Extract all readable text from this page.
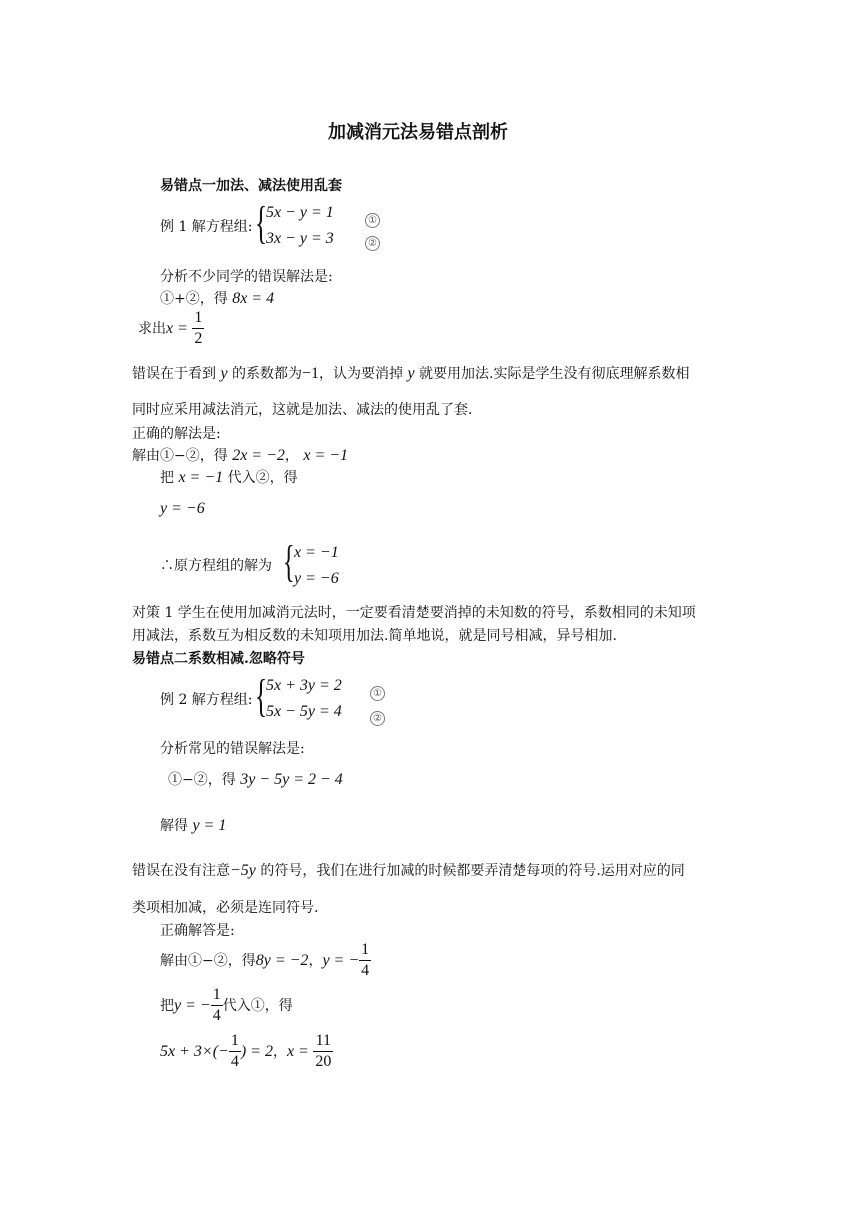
加减消元法易错点剖析
易错点一加法、减法使用乱套
例 1 解方程组: {
5x − y = 1
3x − y = 3
①
②
分析不少同学的错误解法是:
①+②，得 8x = 4
求出 x =
$\frac{1}{2}$
错误在于看到 y 的系数都为−1，认为要消掉 y 就要用加法.实际是学生没有彻底理解系数相
同时应采用减法消元，这就是加法、减法的使用乱了套.
正确的解法是:
解由①−②，得 2x = −2， x = −1
把 x = −1 代入②，得
y = −6
∴原方程组的解为 { x = −1
y = −6
对策 1 学生在使用加减消元法时，一定要看清楚要消掉的未知数的符号，系数相同的未知项
用减法，系数互为相反数的未知项用加法.简单地说，就是同号相减，异号相加.
易错点二系数相减.忽略符号
例 2 解方程组: {
5x + 3y = 2
5x − 5y = 4
①
②
分析常见的错误解法是:
①−②，得 3y − 5y = 2 − 4
解得 y = 1
错误在没有注意−5y 的符号，我们在进行加减的时候都要弄清楚每项的符号.运用对应的同
类项相加减，必须是连同符号.
正确解答是:
解由①−②，得 8y = −2 ， y = − $\frac{1}{4}$
把 y = − $\frac{1}{4}$ 代入①，得
$5x + 3\times(- \frac{1}{4}$ ) = 2 ， x =
$\frac{11}{20}$
